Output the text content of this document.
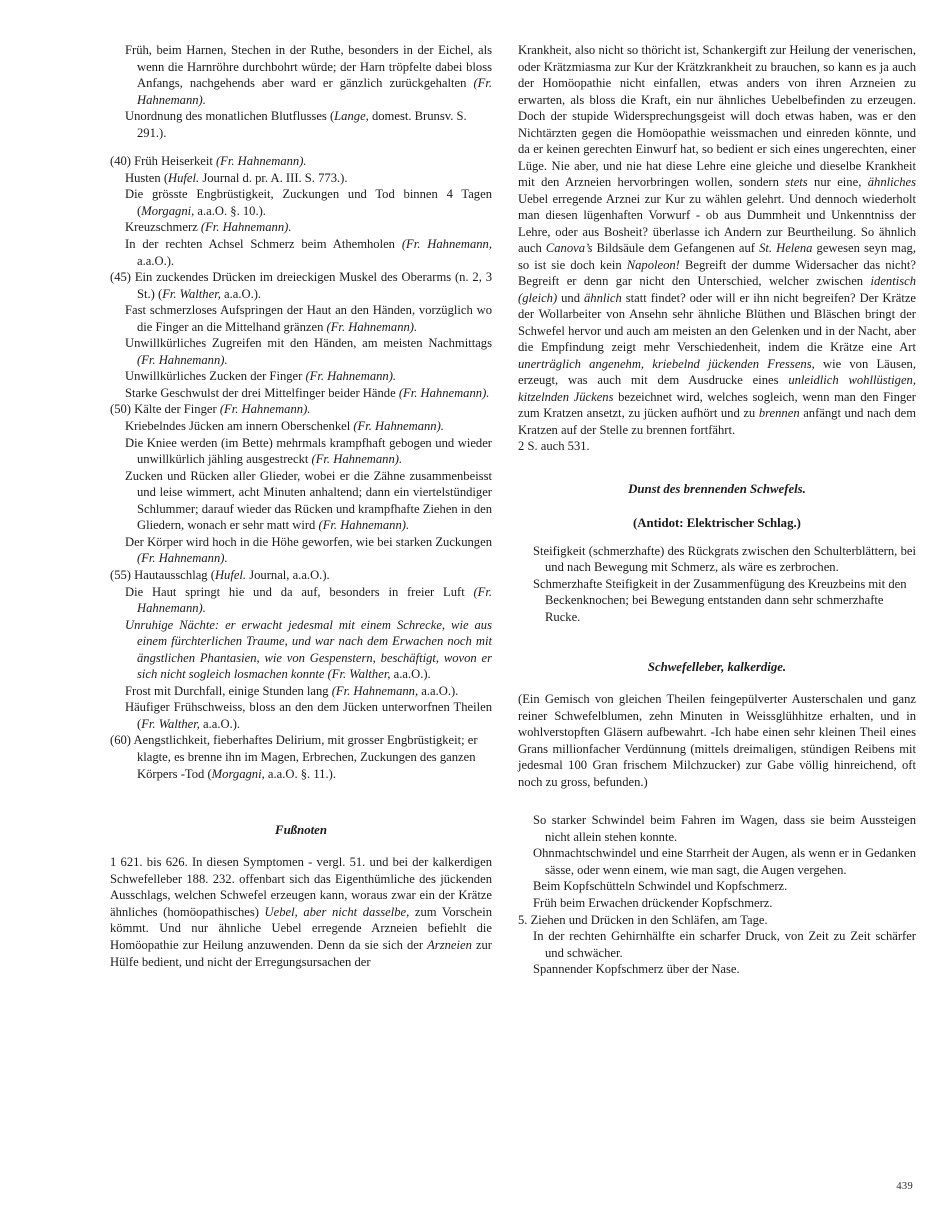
Früh, beim Harnen, Stechen in der Ruthe, besonders in der Eichel, als wenn die Harnröhre durchbohrt würde; der Harn tröpfelte dabei bloss Anfangs, nachgehends aber ward er gänzlich zurückgehalten (Fr. Hahnemann).

Unordnung des monatlichen Blutflusses (Lange, domest. Brunsv. S. 291.).

(40) Früh Heiserkeit (Fr. Hahnemann).

Husten (Hufel. Journal d. pr. A. III. S. 773.).

Die grösste Engbrüstigkeit, Zuckungen und Tod binnen 4 Tagen (Morgagni, a.a.O. §. 10.).

Kreuzschmerz (Fr. Hahnemann).

In der rechten Achsel Schmerz beim Athemholen (Fr. Hahnemann, a.a.O.).

(45) Ein zuckendes Drücken im dreieckigen Muskel des Oberarms (n. 2, 3 St.) (Fr. Walther, a.a.O.).

Fast schmerzloses Aufspringen der Haut an den Händen, vorzüglich wo die Finger an die Mittelhand gränzen (Fr. Hahnemann).

Unwillkürliches Zugreifen mit den Händen, am meisten Nachmittags (Fr. Hahnemann).

Unwillkürliches Zucken der Finger (Fr. Hahnemann).

Starke Geschwulst der drei Mittelfinger beider Hände (Fr. Hahnemann).

(50) Kälte der Finger (Fr. Hahnemann).

Kriebelndes Jücken am innern Oberschenkel (Fr. Hahnemann).

Die Kniee werden (im Bette) mehrmals krampfhaft gebogen und wieder unwillkürlich jähling ausgestreckt (Fr. Hahnemann).

Zucken und Rücken aller Glieder, wobei er die Zähne zusammenbeisst und leise wimmert, acht Minuten anhaltend; dann ein viertelstündiger Schlummer; darauf wieder das Rücken und krampfhafte Ziehen in den Gliedern, wonach er sehr matt wird (Fr. Hahnemann).

Der Körper wird hoch in die Höhe geworfen, wie bei starken Zuckungen (Fr. Hahnemann).

(55) Hautausschlag (Hufel. Journal, a.a.O.).

Die Haut springt hie und da auf, besonders in freier Luft (Fr. Hahnemann).

Unruhige Nächte: er erwacht jedesmal mit einem Schrecke, wie aus einem fürchterlichen Traume, und war nach dem Erwachen noch mit ängstlichen Phantasien, wie von Gespenstern, beschäftigt, wovon er sich nicht sogleich losmachen konnte (Fr. Walther, a.a.O.).

Frost mit Durchfall, einige Stunden lang (Fr. Hahnemann, a.a.O.).

Häufiger Frühschweiss, bloss an den dem Jücken unterworfnen Theilen (Fr. Walther, a.a.O.).

(60) Aengstlichkeit, fieberhaftes Delirium, mit grosser Engbrüstigkeit; er klagte, es brenne ihn im Magen, Erbrechen, Zuckungen des ganzen Körpers -Tod (Morgagni, a.a.O. §. 11.).

Fußnoten

1 621. bis 626. In diesen Symptomen - vergl. 51. und bei der kalkerdigen Schwefelleber 188. 232. offenbart sich das Eigenthümliche des jückenden Ausschlags, welchen Schwefel erzeugen kann, woraus zwar ein der Krätze ähnliches (homöopathisches) Uebel, aber nicht dasselbe, zum Vorschein kömmt. Und nur ähnliche Uebel erregende Arzneien befiehlt die Homöopathie zur Heilung anzuwenden. Denn da sie sich der Arzneien zur Hülfe bedient, und nicht der Erregungsursachen der

Krankheit, also nicht so thöricht ist, Schankergift zur Heilung der venerischen, oder Krätzmiasma zur Kur der Krätzkrankheit zu brauchen, so kann es ja auch der Homöopathie nicht einfallen, etwas anders von ihren Arzneien zu erwarten, als bloss die Kraft, ein nur ähnliches Uebelbefinden zu erzeugen. Doch der stupide Widersprechungsgeist will doch etwas haben, was er den Nichtärzten gegen die Homöopathie weissmachen und einreden könnte, und da er keinen gerechten Einwurf hat, so bedient er sich eines ungerechten, einer Lüge. Nie aber, und nie hat diese Lehre eine gleiche und dieselbe Krankheit mit den Arzneien hervorbringen wollen, sondern stets nur eine, ähnliches Uebel erregende Arznei zur Kur zu wählen gelehrt. Und dennoch wiederholt man diesen lügenhaften Vorwurf - ob aus Dummheit und Unkenntniss der Lehre, oder aus Bosheit? überlasse ich Andern zur Beurtheilung. So ähnlich auch Canova’s Bildsäule dem Gefangenen auf St. Helena gewesen seyn mag, so ist sie doch kein Napoleon! Begreift der dumme Widersacher das nicht? Begreift er denn gar nicht den Unterschied, welcher zwischen identisch (gleich) und ähnlich statt findet? oder will er ihn nicht begreifen? Der Krätze der Wollarbeiter von Ansehn sehr ähnliche Blüthen und Bläschen bringt der Schwefel hervor und auch am meisten an den Gelenken und in der Nacht, aber die Empfindung zeigt mehr Verschiedenheit, indem die Krätze eine Art unerträglich angenehm, kriebelnd jückenden Fressens, wie von Läusen, erzeugt, was auch mit dem Ausdrucke eines unleidlich wohllüstigen, kitzelnden Jückens bezeichnet wird, welches sogleich, wenn man den Finger zum Kratzen ansetzt, zu jücken aufhört und zu brennen anfängt und nach dem Kratzen auf der Stelle zu brennen fortfährt.

2 S. auch 531.

Dunst des brennenden Schwefels.
(Antidot: Elektrischer Schlag.)

Steifigkeit (schmerzhafte) des Rückgrats zwischen den Schulterblättern, bei und nach Bewegung mit Schmerz, als wäre es zerbrochen.

Schmerzhafte Steifigkeit in der Zusammenfügung des Kreuzbeins mit den Beckenknochen; bei Bewegung entstanden dann sehr schmerzhafte Rucke.

Schwefelleber, kalkerdige.

(Ein Gemisch von gleichen Theilen feingepülverter Austerschalen und ganz reiner Schwefelblumen, zehn Minuten in Weissglühhitze erhalten, und in wohlverstopften Gläsern aufbewahrt. -Ich habe einen sehr kleinen Theil eines Grans millionfacher Verdünnung (mittels dreimaligen, stündigen Reibens mit jedesmal 100 Gran frischem Milchzucker) zur Gabe völlig hinreichend, oft noch zu gross, befunden.)

So starker Schwindel beim Fahren im Wagen, dass sie beim Aussteigen nicht allein stehen konnte.

Ohnmachtschwindel und eine Starrheit der Augen, als wenn er in Gedanken sässe, oder wenn einem, wie man sagt, die Augen vergehen.

Beim Kopfschütteln Schwindel und Kopfschmerz.

Früh beim Erwachen drückender Kopfschmerz.

5. Ziehen und Drücken in den Schläfen, am Tage.

In der rechten Gehirnhälfte ein scharfer Druck, von Zeit zu Zeit schärfer und schwächer.

Spannender Kopfschmerz über der Nase.

439
